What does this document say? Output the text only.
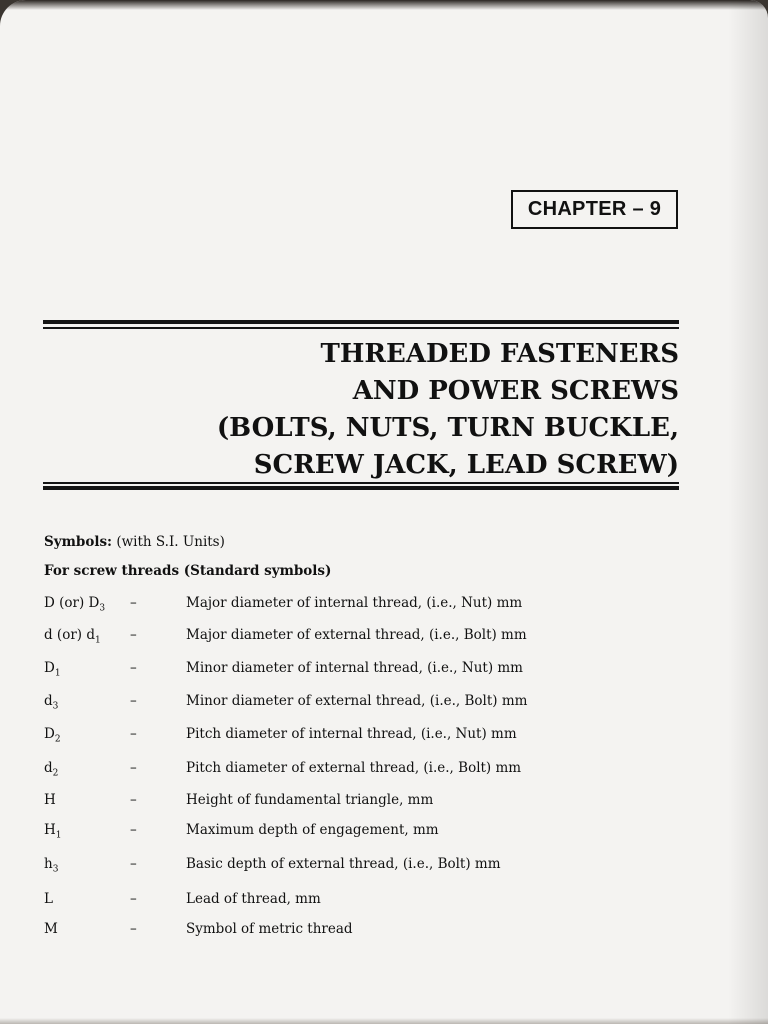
CHAPTER – 9
THREADED FASTENERS
AND POWER SCREWS
(BOLTS, NUTS, TURN BUCKLE,
SCREW JACK, LEAD SCREW)
Symbols: (with S.I. Units)
For screw threads (Standard symbols)
D (or) $D_3$ –	Major diameter of internal thread, (i.e., Nut) mm
d (or) $d_1$ –	Major diameter of external thread, (i.e., Bolt) mm
$D_1$	–	Minor diameter of internal thread, (i.e., Nut) mm
$d_3$	–	Minor diameter of external thread, (i.e., Bolt) mm
$D_2$	–	Pitch diameter of internal thread, (i.e., Nut) mm
$d_2$	–	Pitch diameter of external thread, (i.e., Bolt) mm
H	–	Height of fundamental triangle, mm
$H_1$	–	Maximum depth of engagement, mm
$h_3$	–	Basic depth of external thread, (i.e., Bolt) mm
L	–	Lead of thread, mm
M	–	Symbol of metric thread
